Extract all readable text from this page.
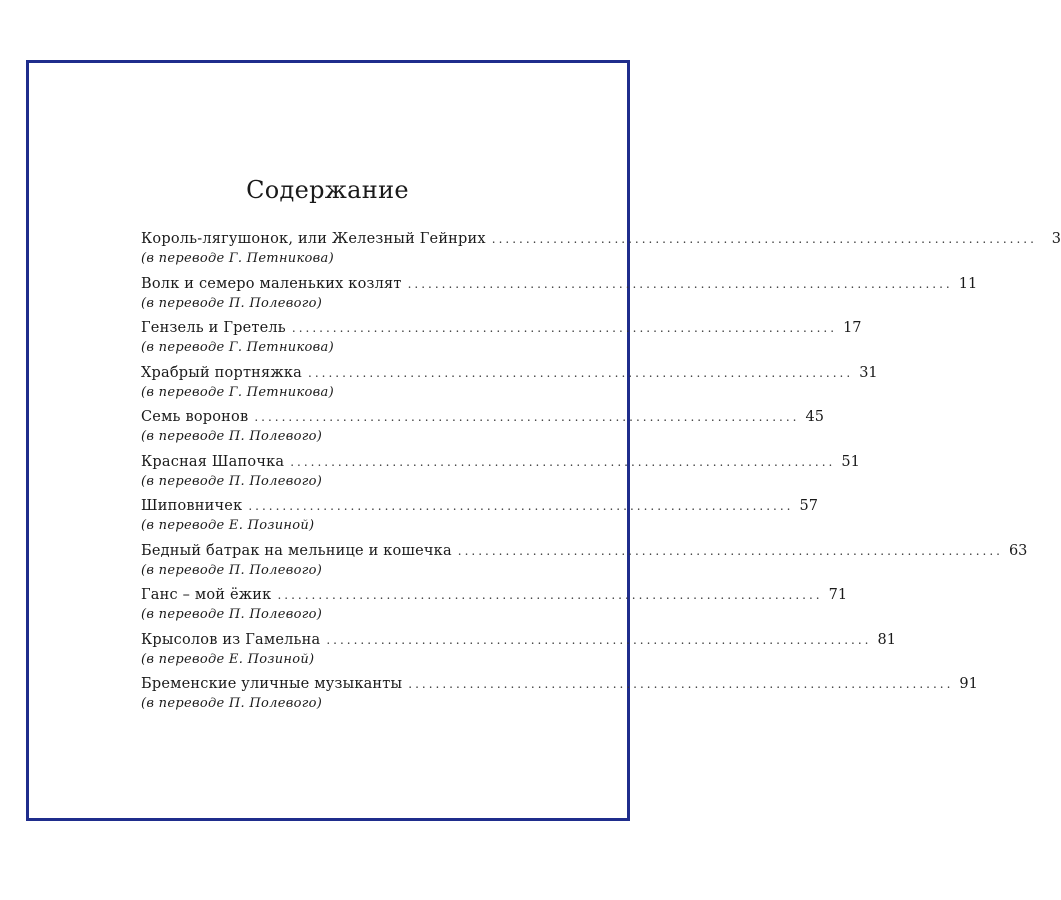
Содержание
Король-лягушонок, или Железный Гейнрих ................................................................................	3
(в переводе Г. Петникова)
Волк и семеро маленьких козлят ................................................................................ 11
(в переводе П. Полевого)
Гензель и Гретель ................................................................................ 17
(в переводе Г. Петникова)
Храбрый портняжка ................................................................................ 31
(в переводе Г. Петникова)
Семь воронов ................................................................................ 45
(в переводе П. Полевого)
Красная Шапочка ................................................................................ 51
(в переводе П. Полевого)
Шиповничек ................................................................................ 57
(в переводе Е. Позиной)
Бедный батрак на мельнице и кошечка ................................................................................ 63
(в переводе П. Полевого)
Ганс – мой ёжик ................................................................................ 71
(в переводе П. Полевого)
Крысолов из Гамельна ................................................................................ 81
(в переводе Е. Позиной)
Бременские уличные музыканты ................................................................................ 91
(в переводе П. Полевого)
